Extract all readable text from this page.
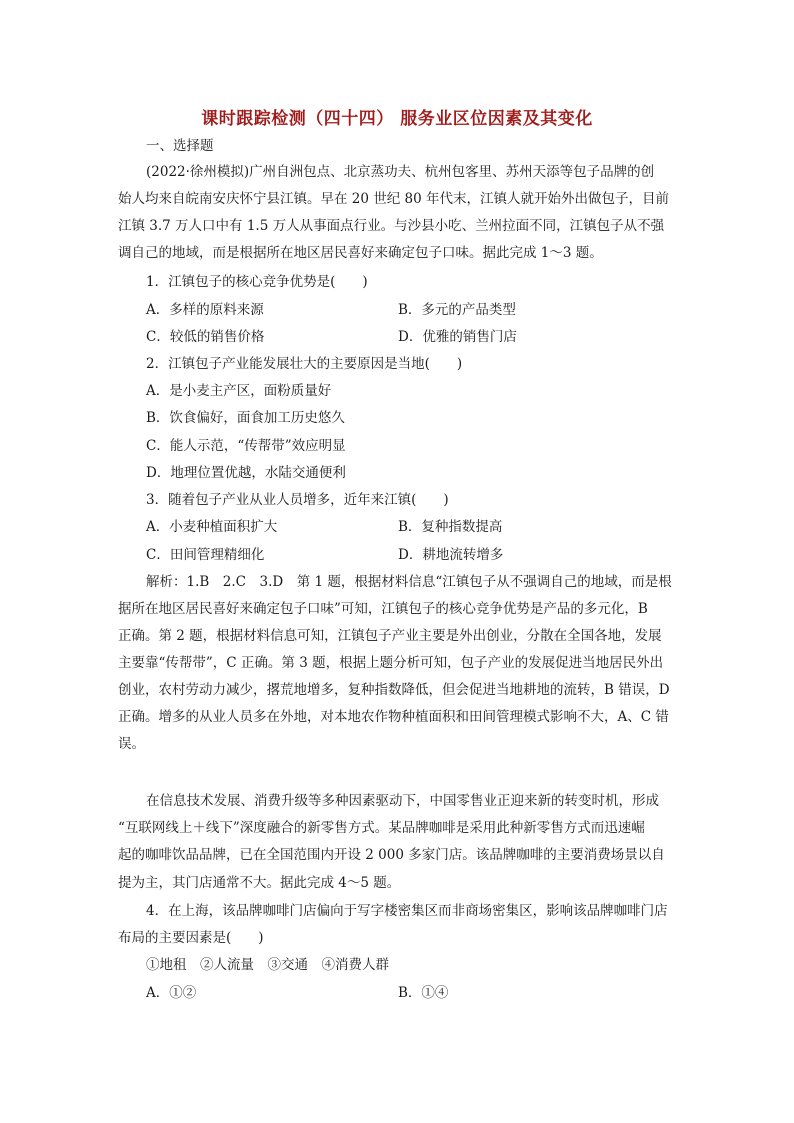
课时跟踪检测（四十四） 服务业区位因素及其变化
一、选择题
(2022·徐州模拟)广州自洲包点、北京蒸功夫、杭州包客里、苏州天添等包子品牌的创
始人均来自皖南安庆怀宁县江镇。早在 20 世纪 80 年代末，江镇人就开始外出做包子，目前
江镇 3.7 万人口中有 1.5 万人从事面点行业。与沙县小吃、兰州拉面不同，江镇包子从不强
调自己的地域，而是根据所在地区居民喜好来确定包子口味。据此完成 1～3 题。
1．江镇包子的核心竞争优势是(　　)
A．多样的原料来源	B．多元的产品类型
C．较低的销售价格	D．优雅的销售门店
2．江镇包子产业能发展壮大的主要原因是当地(　　)
A．是小麦主产区，面粉质量好
B．饮食偏好，面食加工历史悠久
C．能人示范，“传帮带”效应明显
D．地理位置优越，水陆交通便利
3．随着包子产业从业人员增多，近年来江镇(　　)
A．小麦种植面积扩大	B．复种指数提高
C．田间管理精细化	D．耕地流转增多
解析：1.B　2.C　3.D　第 1 题，根据材料信息“江镇包子从不强调自己的地域，而是根
据所在地区居民喜好来确定包子口味”可知，江镇包子的核心竞争优势是产品的多元化，B
正确。第 2 题，根据材料信息可知，江镇包子产业主要是外出创业，分散在全国各地，发展
主要靠“传帮带”，C 正确。第 3 题，根据上题分析可知，包子产业的发展促进当地居民外出
创业，农村劳动力减少，撂荒地增多，复种指数降低，但会促进当地耕地的流转，B 错误，D
正确。增多的从业人员多在外地，对本地农作物种植面积和田间管理模式影响不大，A、C 错
误。
在信息技术发展、消费升级等多种因素驱动下，中国零售业正迎来新的转变时机，形成
“互联网线上＋线下”深度融合的新零售方式。某品牌咖啡是采用此种新零售方式而迅速崛
起的咖啡饮品品牌，已在全国范围内开设 2 000 多家门店。该品牌咖啡的主要消费场景以自
提为主，其门店通常不大。据此完成 4～5 题。
4．在上海，该品牌咖啡门店偏向于写字楼密集区而非商场密集区，影响该品牌咖啡门店
布局的主要因素是(　　)
①地租　②人流量　③交通　④消费人群
A．①②	B．①④
